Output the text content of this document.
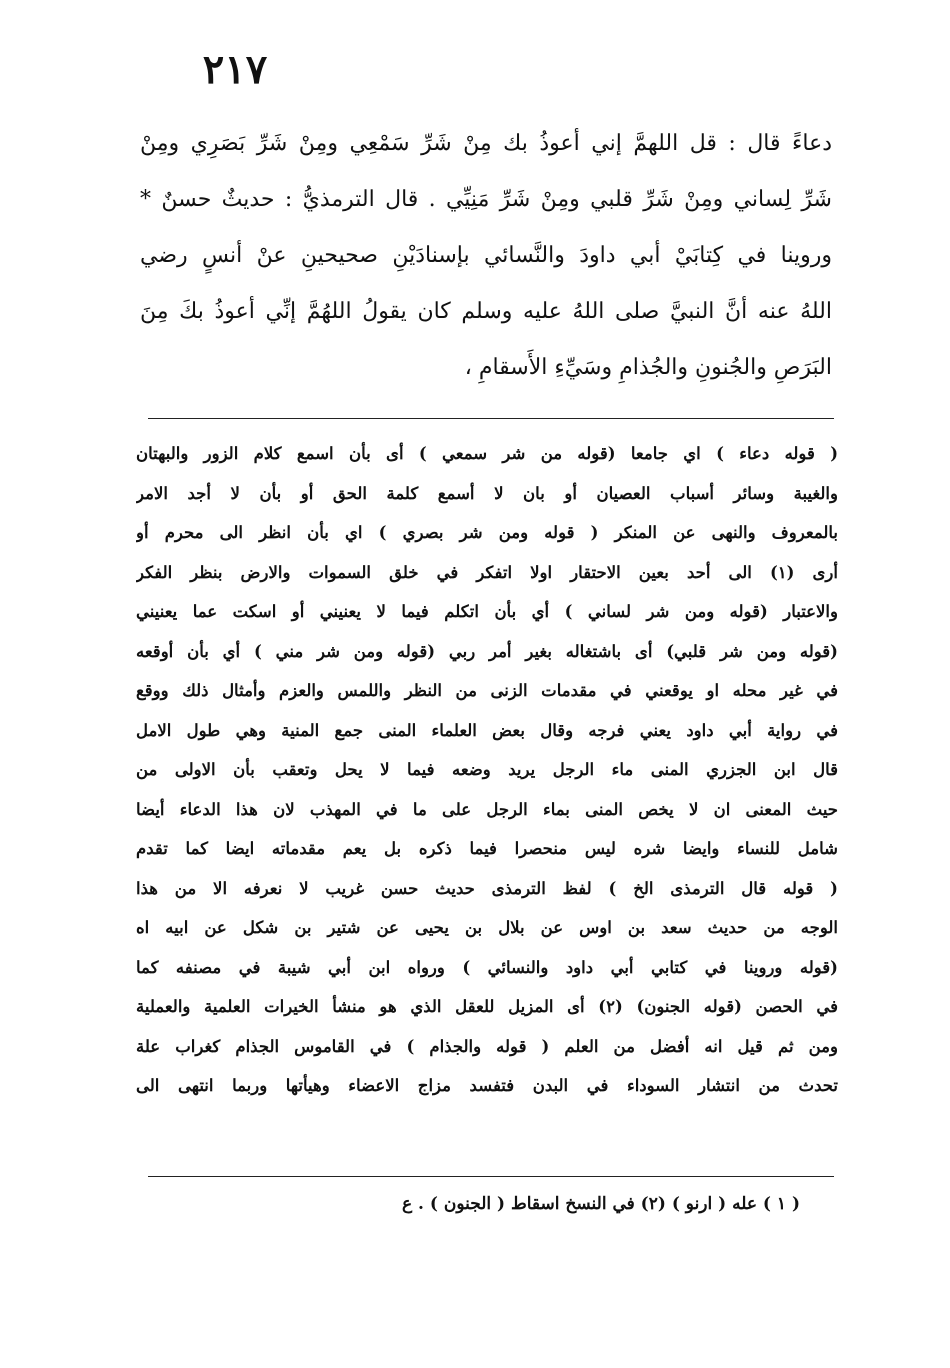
٢١٧
دعاءً قال : قل اللهمَّ إني أعوذُ بك مِنْ شَرِّ سَمْعِي ومِنْ شَرِّ بَصَرِي ومِنْ
شَرِّ لِساني ومِنْ شَرِّ قلبي ومِنْ شَرِّ مَنِيِّي . قال الترمذيُّ : حديثٌ حسنٌ *
وروينا في كِتابَيْ أبي داودَ والنَّسائي بإسنادَيْنِ صحيحينِ عنْ أنسٍ رضي
اللهُ عنه أنَّ النبيَّ صلى اللهُ عليه وسلم كان يقولُ اللهُمَّ إنِّي أعوذُ بكَ مِنَ
البَرَصِ والجُنونِ والجُذامِ وسَيِّءِ الأَسقامِ ،
( قوله دعاء ) اي جامعا (قوله من شر سمعي ) أى بأن اسمع كلام الزور والبهتان
والغيبة وسائر أسباب العصيان أو بان لا أسمع كلمة الحق أو بأن لا أجد الامر
بالمعروف والنهى عن المنكر ( قوله ومن شر بصري ) اي بأن انظر الى محرم أو
أرى (١) الى أحد بعين الاحتقار اولا اتفكر في خلق السموات والارض بنظر الفكر
والاعتبار (قوله ومن شر لساني ) أي بأن اتكلم فيما لا يعنيني أو اسكت عما يعنيني
(قوله ومن شر قلبي) أى باشتغاله بغير أمر ربي (قوله ومن شر مني ) أي بأن أوقعه
في غير محله او يوقعني في مقدمات الزنى من النظر واللمس والعزم وأمثال ذلك ووقع
في رواية أبي داود يعني فرجه وقال بعض العلماء المنى جمع المنية وهي طول الامل
قال ابن الجزري المنى ماء الرجل يريد وضعه فيما لا يحل وتعقب بأن الاولى من
حيث المعنى ان لا يخص المنى بماء الرجل على ما في المهذب لان هذا الدعاء أيضا
شامل للنساء وايضا شره ليس منحصرا فيما ذكره بل يعم مقدماته ايضا كما تقدم
( قوله قال الترمذى الخ ) لفظ الترمذى حديث حسن غريب لا نعرفه الا من هذا
الوجه من حديث سعد بن اوس عن بلال بن يحيى عن شتير بن شكل عن ابيه اه
(قوله وروينا في كتابي أبي داود والنسائي ) ورواه ابن أبي شيبة في مصنفه كما
في الحصن (قوله الجنون) (٢) أى المزيل للعقل الذي هو منشأ الخيرات العلمية والعملية
ومن ثم قيل انه أفضل من العلم ( قوله والجذام ) في القاموس الجذام كغراب علة
تحدث من انتشار السوداء في البدن فتفسد مزاج الاعضاء وهيأتها وربما انتهى الى
( ١ ) عله ( ارنو ) (٢) في النسخ اسقاط ( الجنون ) . ع
